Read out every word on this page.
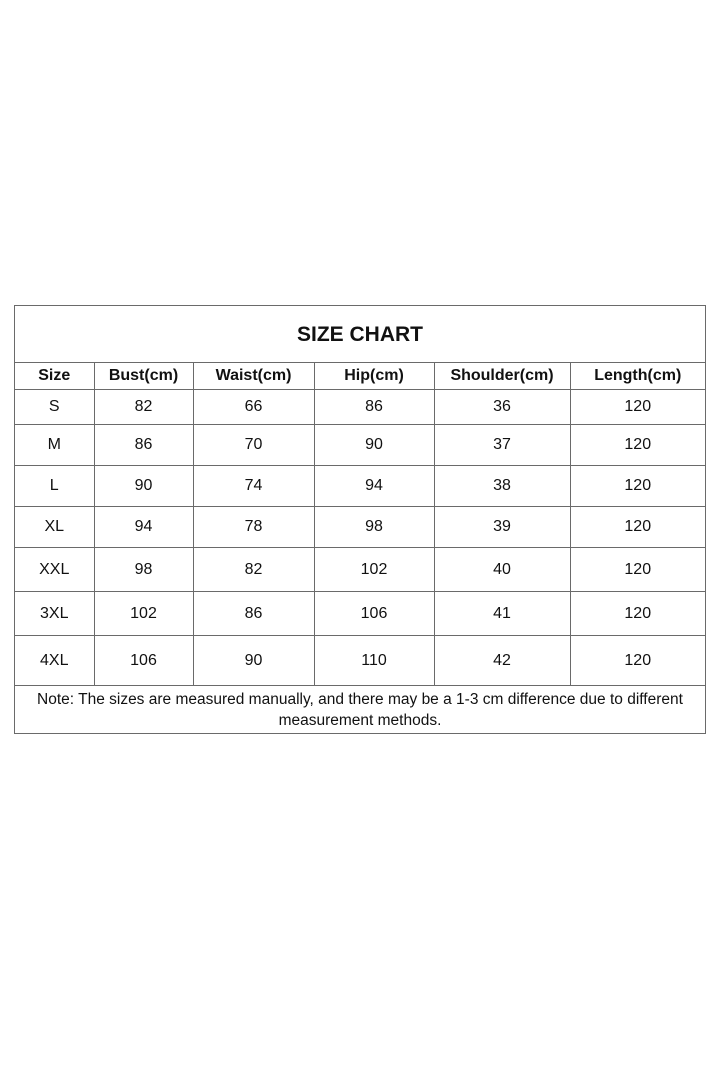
SIZE CHART
Size	Bust(cm)	Waist(cm)	Hip(cm)	Shoulder(cm)	Length(cm)
S	82	66	86	36	120
M	86	70	90	37	120
L	90	74	94	38	120
XL	94	78	98	39	120
XXL	98	82	102	40	120
3XL	102	86	106	41	120
4XL	106	90	110	42	120
Note: The sizes are measured manually, and there may be a 1-3 cm difference due to different measurement methods.
